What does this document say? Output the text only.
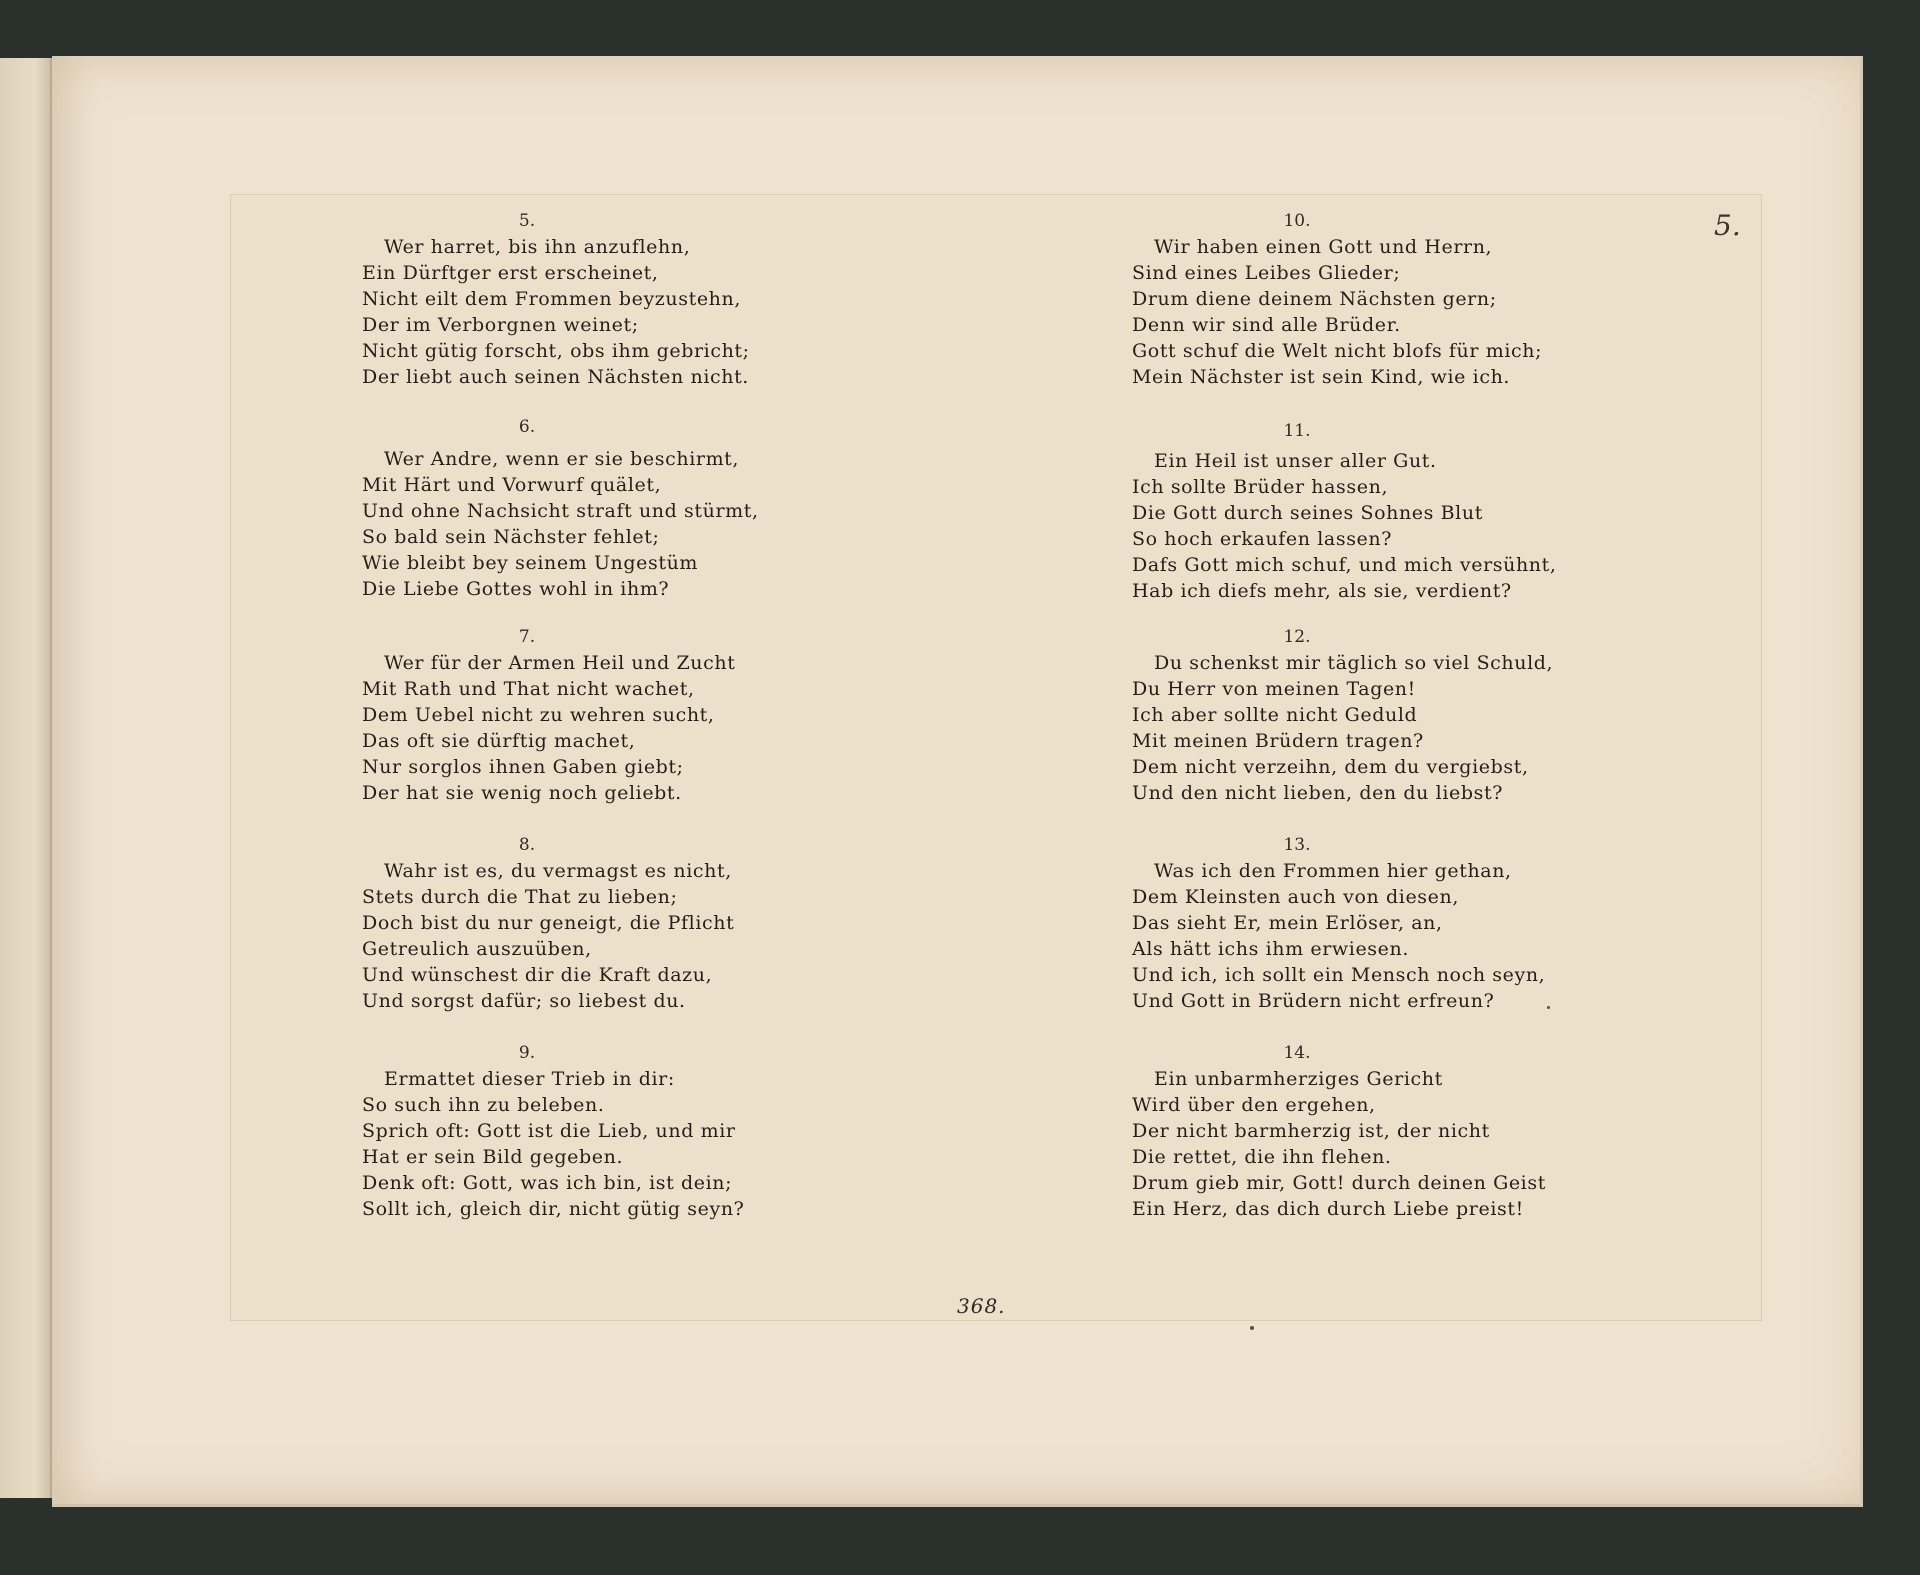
5.
5.
Wer harret, bis ihn anzuflehn,
Ein Dürftger erst erscheinet,
Nicht eilt dem Frommen beyzustehn,
Der im Verborgnen weinet;
Nicht gütig forscht, obs ihm gebricht;
Der liebt auch seinen Nächsten nicht.
6.
Wer Andre, wenn er sie beschirmt,
Mit Härt und Vorwurf quälet,
Und ohne Nachsicht straft und stürmt,
So bald sein Nächster fehlet;
Wie bleibt bey seinem Ungestüm
Die Liebe Gottes wohl in ihm?
7.
Wer für der Armen Heil und Zucht
Mit Rath und That nicht wachet,
Dem Uebel nicht zu wehren sucht,
Das oft sie dürftig machet,
Nur sorglos ihnen Gaben giebt;
Der hat sie wenig noch geliebt.
8.
Wahr ist es, du vermagst es nicht,
Stets durch die That zu lieben;
Doch bist du nur geneigt, die Pflicht
Getreulich auszuüben,
Und wünschest dir die Kraft dazu,
Und sorgst dafür; so liebest du.
9.
Ermattet dieser Trieb in dir:
So such ihn zu beleben.
Sprich oft: Gott ist die Lieb, und mir
Hat er sein Bild gegeben.
Denk oft: Gott, was ich bin, ist dein;
Sollt ich, gleich dir, nicht gütig seyn?
10.
Wir haben einen Gott und Herrn,
Sind eines Leibes Glieder;
Drum diene deinem Nächsten gern;
Denn wir sind alle Brüder.
Gott schuf die Welt nicht blofs für mich;
Mein Nächster ist sein Kind, wie ich.
11.
Ein Heil ist unser aller Gut.
Ich sollte Brüder hassen,
Die Gott durch seines Sohnes Blut
So hoch erkaufen lassen?
Dafs Gott mich schuf, und mich versühnt,
Hab ich diefs mehr, als sie, verdient?
12.
Du schenkst mir täglich so viel Schuld,
Du Herr von meinen Tagen!
Ich aber sollte nicht Geduld
Mit meinen Brüdern tragen?
Dem nicht verzeihn, dem du vergiebst,
Und den nicht lieben, den du liebst?
13.
Was ich den Frommen hier gethan,
Dem Kleinsten auch von diesen,
Das sieht Er, mein Erlöser, an,
Als hätt ichs ihm erwiesen.
Und ich, ich sollt ein Mensch noch seyn,
Und Gott in Brüdern nicht erfreun?
14.
Ein unbarmherziges Gericht
Wird über den ergehen,
Der nicht barmherzig ist, der nicht
Die rettet, die ihn flehen.
Drum gieb mir, Gott! durch deinen Geist
Ein Herz, das dich durch Liebe preist!
368.
